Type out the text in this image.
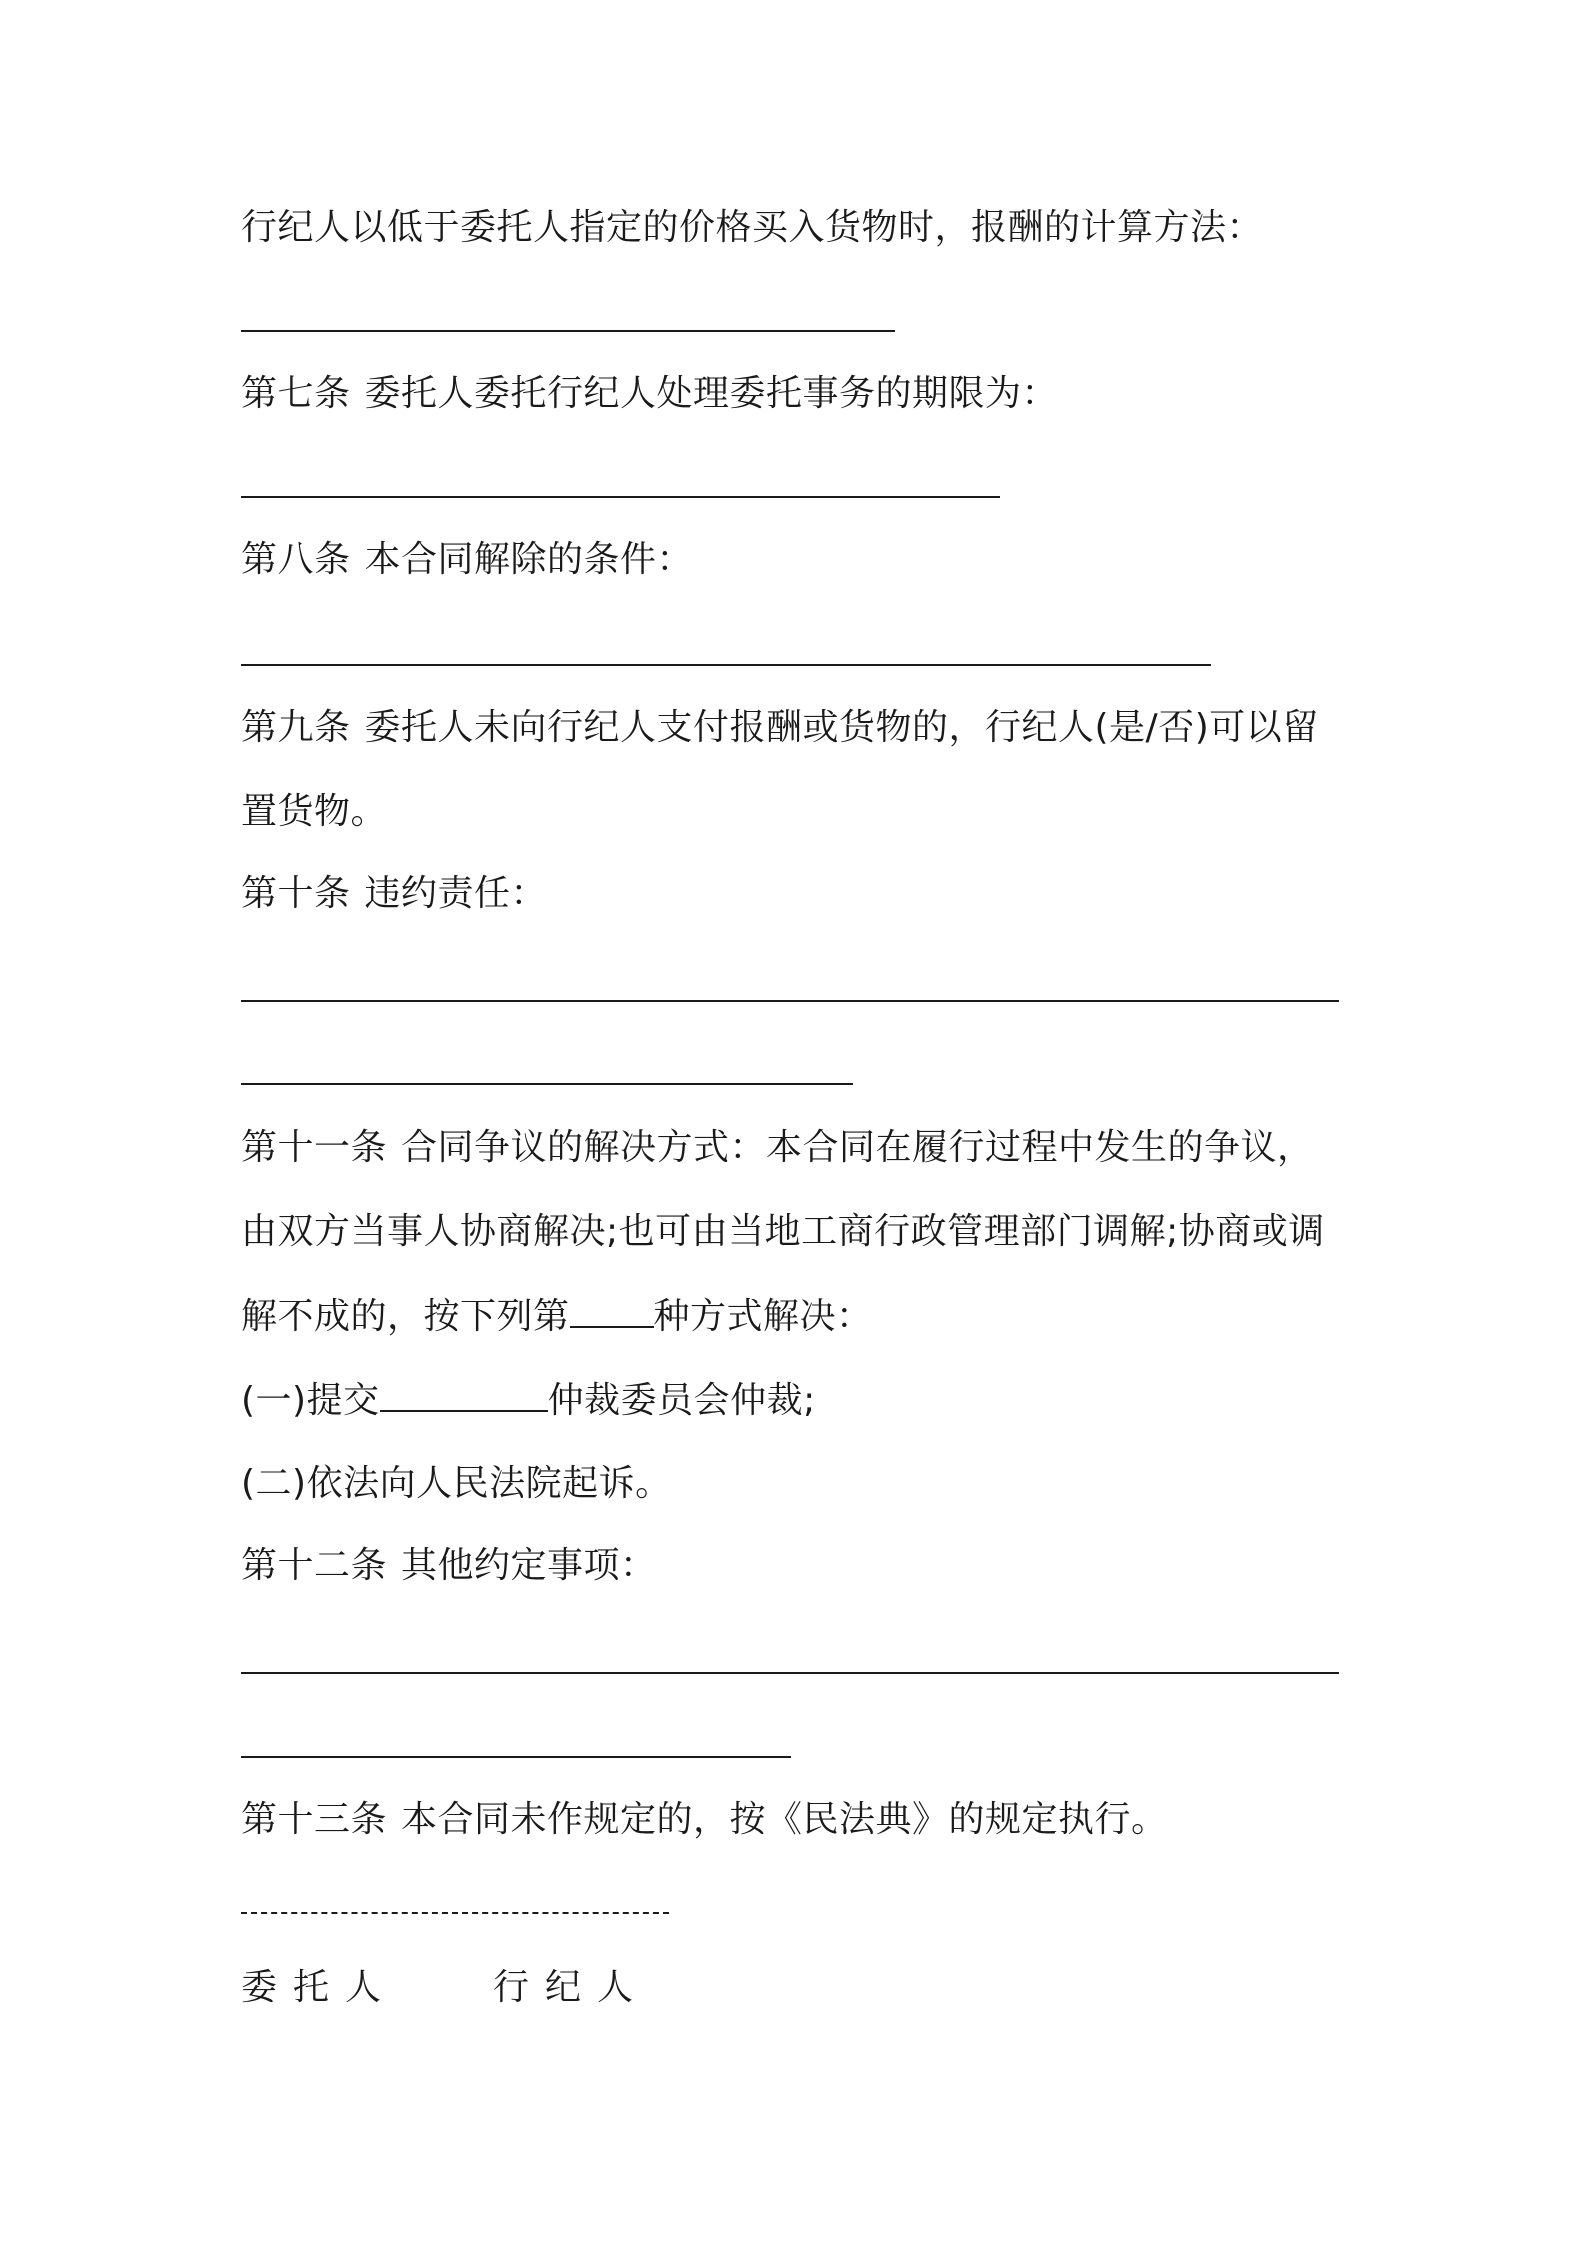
行纪人以低于委托人指定的价格买入货物时，报酬的计算方法：
第七条 委托人委托行纪人处理委托事务的期限为：
第八条 本合同解除的条件：
第九条 委托人未向行纪人支付报酬或货物的，行纪人(是/否)可以留
置货物。
第十条 违约责任：
第十一条 合同争议的解决方式：本合同在履行过程中发生的争议，
由双方当事人协商解决;也可由当地工商行政管理部门调解;协商或调
解不成的，按下列第 种方式解决：
(一)提交	仲裁委员会仲裁;
(二)依法向人民法院起诉。
第十二条 其他约定事项：
第十三条 本合同未作规定的，按《民法典》的规定执行。
委托人	行纪人
